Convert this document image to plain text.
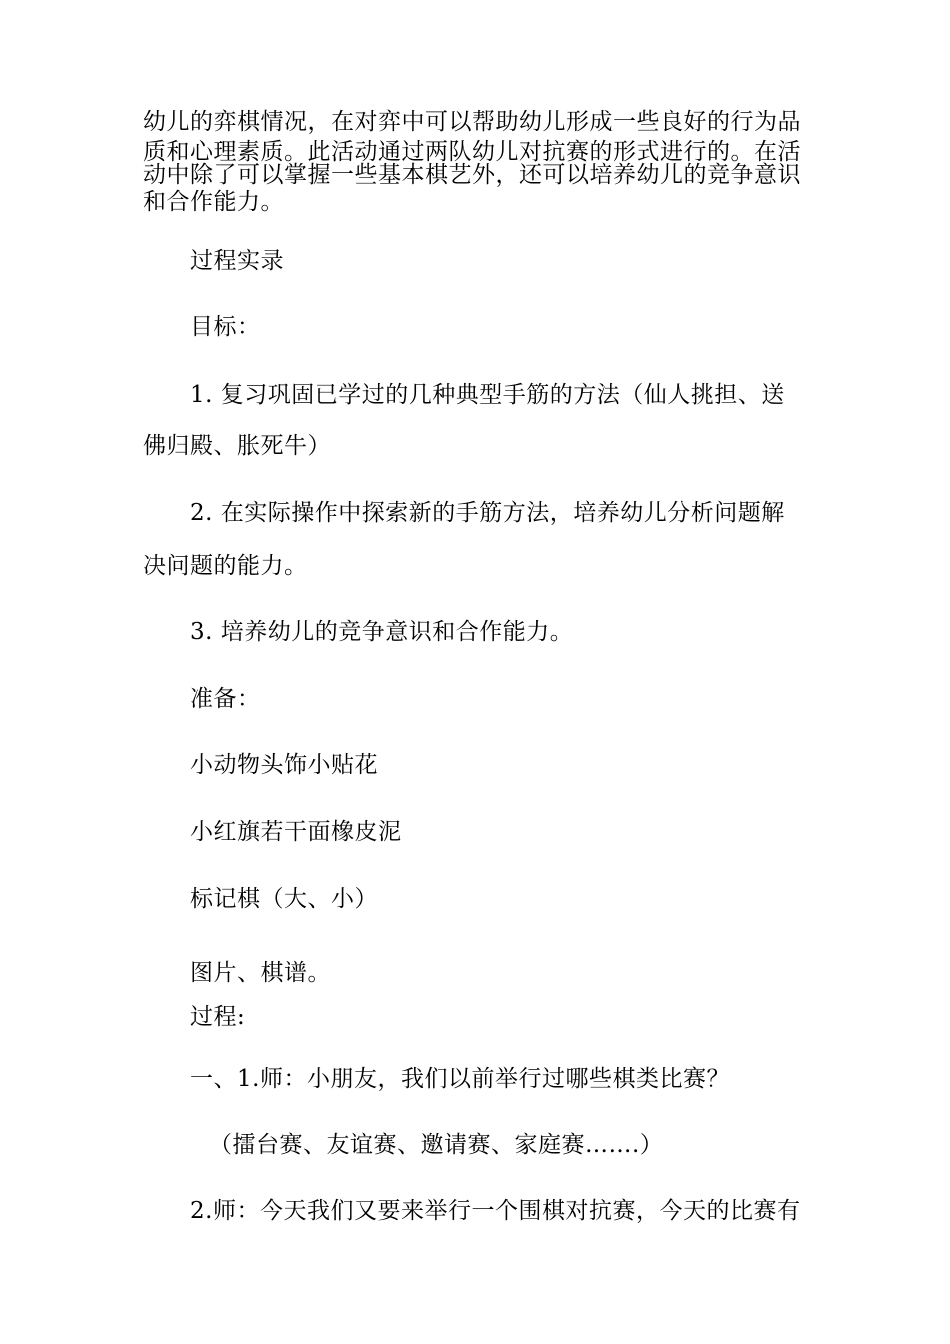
幼儿的弈棋情况，在对弈中可以帮助幼儿形成一些良好的行为品
质和心理素质。此活动通过两队幼儿对抗赛的形式进行的。在活
动中除了可以掌握一些基本棋艺外，还可以培养幼儿的竞争意识
和合作能力。
过程实录
目标：
1. 复习巩固已学过的几种典型手筋的方法（仙人挑担、送
佛归殿、胀死牛）
2. 在实际操作中探索新的手筋方法，培养幼儿分析问题解
决问题的能力。
3. 培养幼儿的竞争意识和合作能力。
准备：
小动物头饰小贴花
小红旗若干面橡皮泥
标记棋（大、小）
图片、棋谱。
过程:
一、1.师：小朋友，我们以前举行过哪些棋类比赛？
（擂台赛、友谊赛、邀请赛、家庭赛…….）
2.师：今天我们又要来举行一个围棋对抗赛，今天的比赛有
